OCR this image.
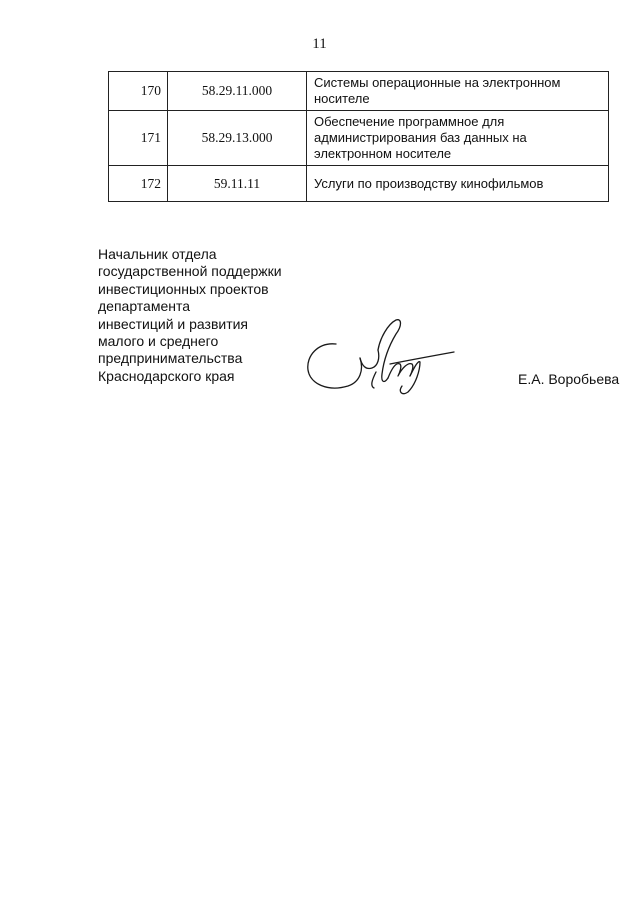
11
170	58.29.11.000	Системы операционные на электронном
носителе

171	58.29.13.000	Обеспечение программное для
администрирования баз данных на
электронном носителе

172	59.11.11	Услуги по производству кинофильмов
Начальник отдела
государственной поддержки
инвестиционных проектов
департамента
инвестиций и развития
малого и среднего
предпринимательства
Краснодарского края	Е.А. Воробьева
